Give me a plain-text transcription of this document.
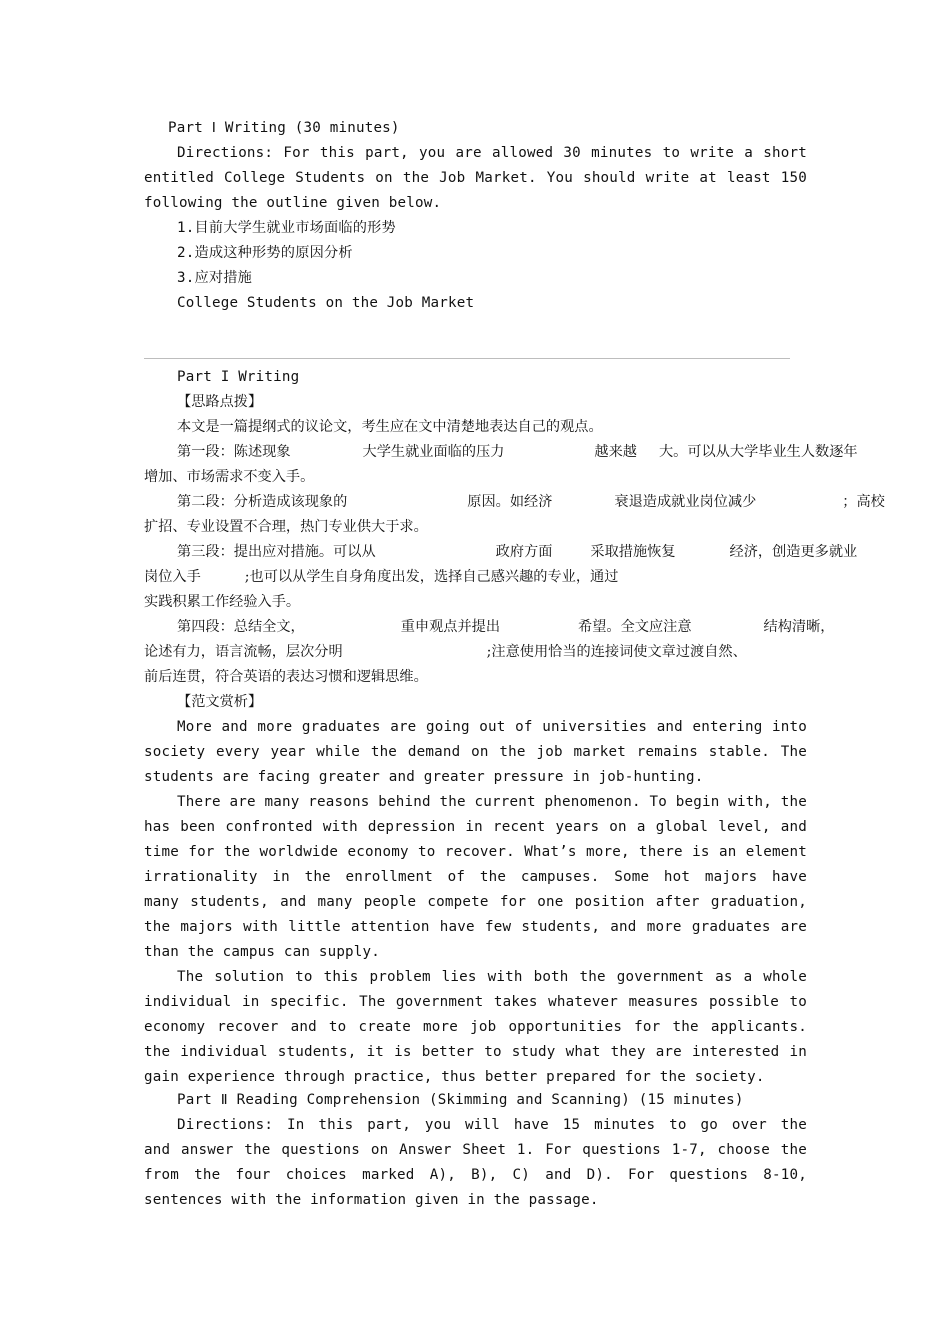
Part Ⅰ Writing (30 minutes)
Directions: For this part, you are allowed 30 minutes to write a short
entitled College Students on the Job Market. You should write at least 150
following the outline given below.
1.目前大学生就业市场面临的形势
2.造成这种形势的原因分析
3.应对措施
College Students on the Job Market
Part I Writing
【思路点拨】
本文是一篇提纲式的议论文，考生应在文中清楚地表达自己的观点。
第一段：陈述现象	大学生就业面临的压力	越来越 大。可以从大学毕业生人数逐年
增加、市场需求不变入手。
第二段：分析造成该现象的	原因。如经济	衰退造成就业岗位减少	；高校
扩招、专业设置不合理，热门专业供大于求。
第三段：提出应对措施。可以从	政府方面	采取措施恢复	经济，创造更多就业
岗位入手	;也可以从学生自身角度出发，选择自己感兴趣的专业，通过
实践积累工作经验入手。
第四段：总结全文，	重申观点并提出	希望。全文应注意	结构清晰，
论述有力，语言流畅，层次分明	;注意使用恰当的连接词使文章过渡自然、
前后连贯，符合英语的表达习惯和逻辑思维。
【范文赏析】
More and more graduates are going out of universities and entering into
society every year while the demand on the job market remains stable. The
students are facing greater and greater pressure in job-hunting.
There are many reasons behind the current phenomenon. To begin with, the
has been confronted with depression in recent years on a global level, and
time for the worldwide economy to recover. What’s more, there is an element
irrationality in the enrollment of the campuses. Some hot majors have
many students, and many people compete for one position after graduation,
the majors with little attention have few students, and more graduates are
than the campus can supply.
The solution to this problem lies with both the government as a whole
individual in specific. The government takes whatever measures possible to
economy recover and to create more job opportunities for the applicants.
the individual students, it is better to study what they are interested in
gain experience through practice, thus better prepared for the society.
Part Ⅱ Reading Comprehension (Skimming and Scanning) (15 minutes)
Directions: In this part, you will have 15 minutes to go over the
and answer the questions on Answer Sheet 1. For questions 1-7, choose the
from the four choices marked A), B), C) and D). For questions 8-10,
sentences with the information given in the passage.
